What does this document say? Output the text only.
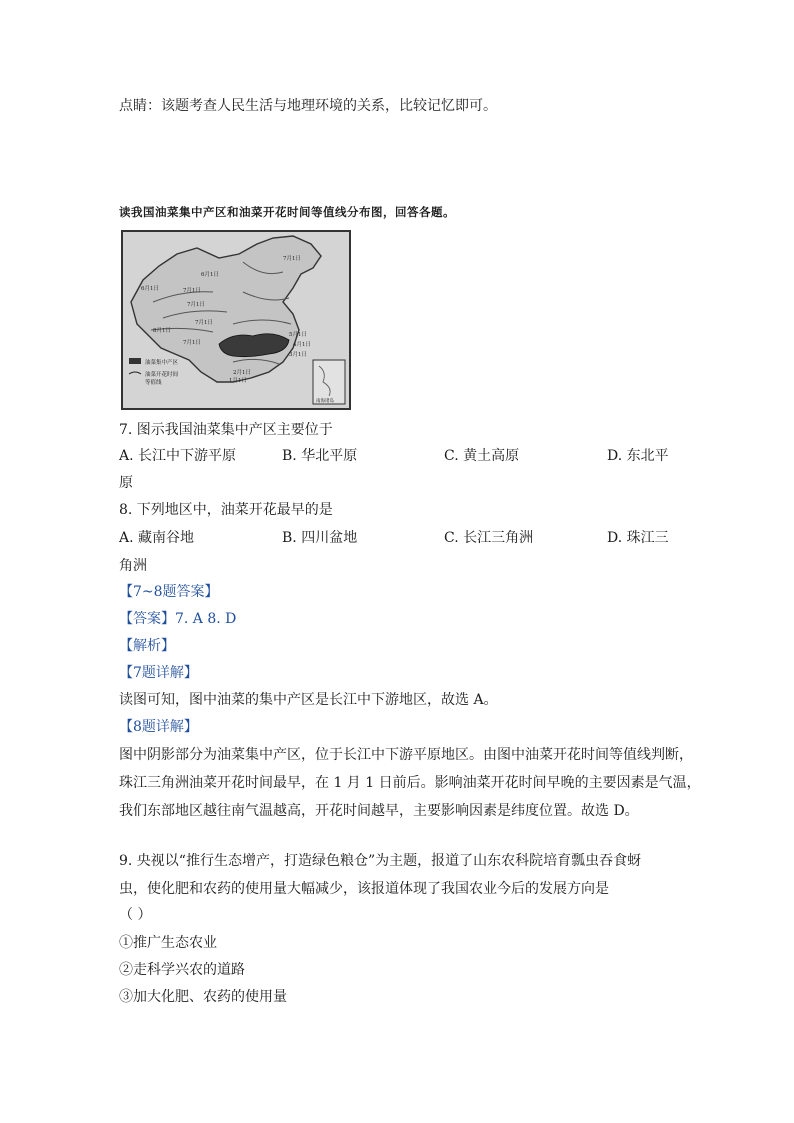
点睛：该题考查人民生活与地理环境的关系，比较记忆即可。
读我国油菜集中产区和油菜开花时间等值线分布图，回答各题。
6月1日
6月1日
7月1日
7月1日
7月1日
7月1日
8月1日
7月1日
5月1日
4月1日
3月1日
2月1日
1月1日
油菜集中产区
油菜开花时间
等值线
南海诸岛
7. 图示我国油菜集中产区主要位于
A. 长江中下游平原	B. 华北平原	C. 黄土高原	D. 东北平
原
8. 下列地区中，油菜开花最早的是
A. 藏南谷地	B. 四川盆地	C. 长江三角洲	D. 珠江三
角洲
【7~8题答案】
【答案】7. A 8. D
【解析】
【7题详解】
读图可知，图中油菜的集中产区是长江中下游地区，故选 A。
【8题详解】
图中阴影部分为油菜集中产区，位于长江中下游平原地区。由图中油菜开花时间等值线判断，
珠江三角洲油菜开花时间最早，在 1 月 1 日前后。影响油菜开花时间早晚的主要因素是气温，
我们东部地区越往南气温越高，开花时间越早，主要影响因素是纬度位置。故选 D。
9. 央视以“推行生态增产，打造绿色粮仓”为主题，报道了山东农科院培育瓢虫吞食蚜
虫，使化肥和农药的使用量大幅减少，该报道体现了我国农业今后的发展方向是
（ ）
①推广生态农业
②走科学兴农的道路
③加大化肥、农药的使用量
